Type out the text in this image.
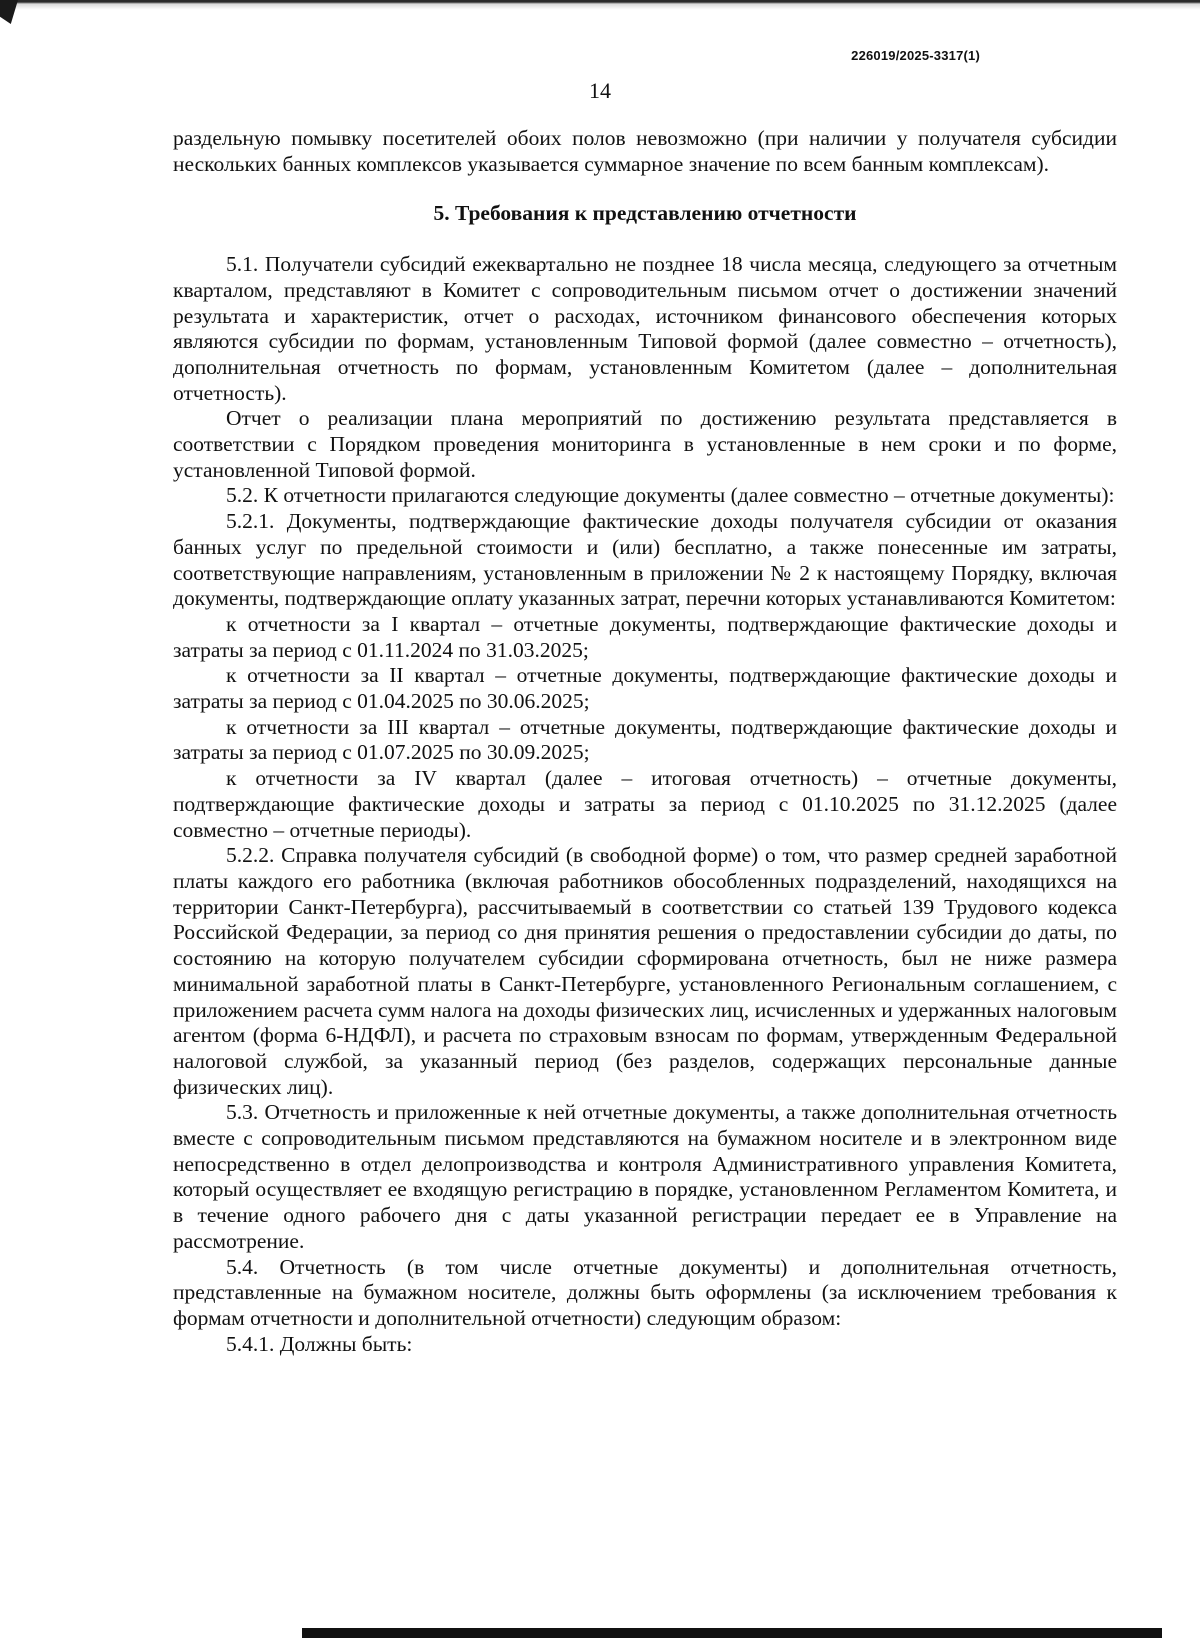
226019/2025-3317(1)
14

раздельную помывку посетителей обоих полов невозможно (при наличии у получателя субсидии нескольких банных комплексов указывается суммарное значение по всем банным комплексам).

5. Требования к представлению отчетности

5.1. Получатели субсидий ежеквартально не позднее 18 числа месяца, следующего за отчетным кварталом, представляют в Комитет с сопроводительным письмом отчет о достижении значений результата и характеристик, отчет о расходах, источником финансового обеспечения которых являются субсидии по формам, установленным Типовой формой (далее совместно – отчетность), дополнительная отчетность по формам, установленным Комитетом (далее – дополнительная отчетность).

Отчет о реализации плана мероприятий по достижению результата представляется в соответствии с Порядком проведения мониторинга в установленные в нем сроки и по форме, установленной Типовой формой.

5.2. К отчетности прилагаются следующие документы (далее совместно – отчетные документы):

5.2.1. Документы, подтверждающие фактические доходы получателя субсидии от оказания банных услуг по предельной стоимости и (или) бесплатно, а также понесенные им затраты, соответствующие направлениям, установленным в приложении № 2 к настоящему Порядку, включая документы, подтверждающие оплату указанных затрат, перечни которых устанавливаются Комитетом:

к отчетности за I квартал – отчетные документы, подтверждающие фактические доходы и затраты за период с 01.11.2024 по 31.03.2025;

к отчетности за II квартал – отчетные документы, подтверждающие фактические доходы и затраты за период с 01.04.2025 по 30.06.2025;

к отчетности за III квартал – отчетные документы, подтверждающие фактические доходы и затраты за период с 01.07.2025 по 30.09.2025;

к отчетности за IV квартал (далее – итоговая отчетность) – отчетные документы, подтверждающие фактические доходы и затраты за период с 01.10.2025 по 31.12.2025 (далее совместно – отчетные периоды).

5.2.2. Справка получателя субсидий (в свободной форме) о том, что размер средней заработной платы каждого его работника (включая работников обособленных подразделений, находящихся на территории Санкт-Петербурга), рассчитываемый в соответствии со статьей 139 Трудового кодекса Российской Федерации, за период со дня принятия решения о предоставлении субсидии до даты, по состоянию на которую получателем субсидии сформирована отчетность, был не ниже размера минимальной заработной платы в Санкт-Петербурге, установленного Региональным соглашением, с приложением расчета сумм налога на доходы физических лиц, исчисленных и удержанных налоговым агентом (форма 6-НДФЛ), и расчета по страховым взносам по формам, утвержденным Федеральной налоговой службой, за указанный период (без разделов, содержащих персональные данные физических лиц).

5.3. Отчетность и приложенные к ней отчетные документы, а также дополнительная отчетность вместе с сопроводительным письмом представляются на бумажном носителе и в электронном виде непосредственно в отдел делопроизводства и контроля Административного управления Комитета, который осуществляет ее входящую регистрацию в порядке, установленном Регламентом Комитета, и в течение одного рабочего дня с даты указанной регистрации передает ее в Управление на рассмотрение.

5.4. Отчетность (в том числе отчетные документы) и дополнительная отчетность, представленные на бумажном носителе, должны быть оформлены (за исключением требования к формам отчетности и дополнительной отчетности) следующим образом:

5.4.1. Должны быть:
